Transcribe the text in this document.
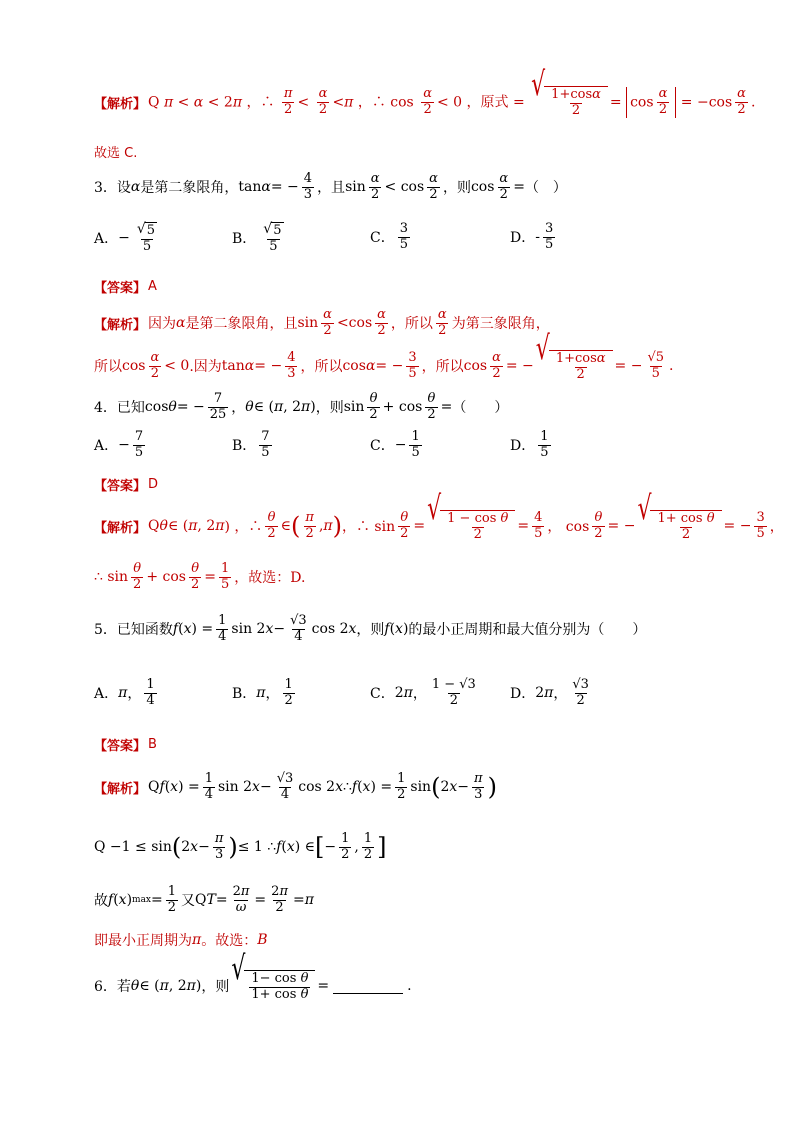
【解析】 Q π < α < 2π ，∴ $\frac{\pi}{2} < \frac{\alpha}{2} <\pi$ ，∴ $\cos \frac{\alpha}{2} < 0$ ，原式 = √ $\frac{1+\cos\alpha}{2} = \cos \frac{\alpha}{2} = -\cos \frac{\alpha}{2}$ .
故选 C.
3．设 α 是第二象限角， tan α = − $\frac{4}{3}$ ，且 $\sin \frac{\alpha}{2} < \cos \frac{\alpha}{2}$ ，则 $\cos \frac{\alpha}{2}$ = （　）
A． − $\frac{√ 5}{5}$	B． $\frac{√ 5}{5}$	C． $\frac{3}{5}$	D． - $\frac{3}{5}$
【答案】 A
【解析】 因为 α 是第二象限角，且 $\sin \frac{\alpha}{2} <\cos \frac{\alpha}{2}$ ，所以 $\frac{\alpha}{2}$ 为第三象限角，
所以 $\cos \frac{\alpha}{2} < 0$ .因为 tan α = − $\frac{4}{3}$ ，所以 cos α = − $\frac{3}{5}$ ，所以 $\cos \frac{\alpha}{2}$ = − √ $\frac{1+\cos\alpha}{2}$ = − $\frac{√5}{5}$ .
4．已知 cos θ = − $\frac{7}{25}$ ， θ ∈ ( π , 2 π ) ，则 $\sin \frac{\theta}{2} + \cos \frac{\theta}{2}$ = （　　）
A． − $\frac{7}{5}$	B． $\frac{7}{5}$	C． − $\frac{1}{5}$	D． $\frac{1}{5}$
【答案】 D
【解析】 Q θ ∈ ( π , 2 π ) ，∴ $\frac{\theta}{2}$ ∈ ( $\frac{\pi}{2}$ , π ) ，∴ $\sin \frac{\theta}{2}$ = √ $\frac{\text{1 − cos θ}}{2} = \frac{4}{5}$ ， $\cos \frac{\theta}{2}$ = − √ $\frac{\text{1+ cos θ}}{2}$ = − $\frac{3}{5}$ ，
∴ $\sin \frac{\theta}{2} + \cos \frac{\theta}{2} = \frac{1}{5}$ ，故选：D.
5．已知函数 f ( x ) = $\frac{1}{4}$ sin 2 $x - \frac{√3}{4}$ cos 2 x ，则 f ( x ) 的最小正周期和最大值分别为（　　）
A． π ， $\frac{1}{4}$	B． π ， $\frac{1}{2}$	C． 2 π ， $\frac{1 - √3}{2}$ D． 2 π ， $\frac{√3}{2}$
【答案】 B
【解析】 Q f ( x ) = $\frac{1}{4}$ sin 2 $x - \frac{√3}{4}$ cos 2 x ∴ f ( x ) = $\frac{1}{2}$ sin ( 2 $x - \frac{\pi}{3}$ )
Q −1 ≤ sin ( 2 $x - \frac{\pi}{3}$ ) ≤ 1 ∴ f ( x ) ∈ [ − $\frac{1}{2}$ , $\frac{1}{2}$ ]
故 f ( x ) $\max = \frac{1}{2}$ 又 Q $T = \frac{2\pi}{\omega} = \frac{2\pi}{2} = \pi$
即最小正周期为 π 。故选： B
6．若 θ ∈ ( π , 2 π ) ，则 √ $\frac{\text{1− cos θ}}{\text{1+ cos θ}}$ =	.
